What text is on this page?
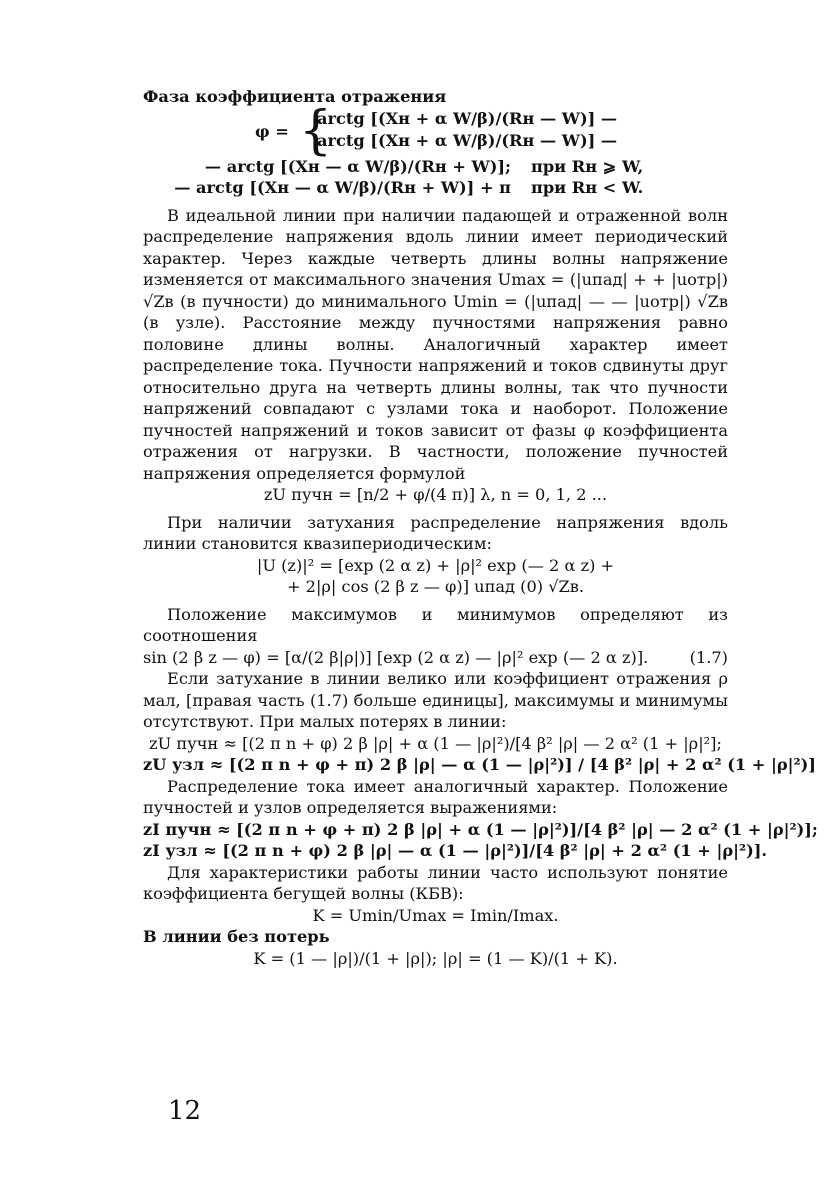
Фаза коэффициента отражения

φ = {
arctg [(Xн + α W/β)/(Rн — W)] —
arctg [(Xн + α W/β)/(Rн — W)] —

— arctg [(Xн — α W/β)/(Rн + W)];	при Rн ⩾ W,

— arctg [(Xн — α W/β)/(Rн + W)] + π	при Rн < W.

В идеальной линии при наличии падающей и отраженной волн распределение напряжения вдоль линии имеет периодический характер. Через каждые четверть длины волны напряжение изменяется от максимального значения Umax = (|uпад| + + |uотр|) √Zв (в пучности) до минимального Umin = (|uпад| — — |uотр|) √Zв (в узле). Расстояние между пучностями напряжения равно половине длины волны. Аналогичный характер имеет распределение тока. Пучности напряжений и токов сдвинуты друг относительно друга на четверть длины волны, так что пучности напряжений совпадают с узлами тока и наоборот. Положение пучностей напряжений и токов зависит от фазы φ коэффициента отражения от нагрузки. В частности, положение пучностей напряжения определяется формулой

zU пучн = [n/2 + φ/(4 π)] λ, n = 0, 1, 2 ...

При наличии затухания распределение напряжения вдоль линии становится квазипериодическим:

|U (z)|² = [exp (2 α z) + |ρ|² exp (— 2 α z) +

+ 2|ρ| cos (2 β z — φ)] uпад (0) √Zв.

Положение максимумов и минимумов определяют из соотношения

sin (2 β z — φ) = [α/(2 β|ρ|)] [exp (2 α z) — |ρ|² exp (— 2 α z)].	(1.7)

Если затухание в линии велико или коэффициент отражения ρ мал, [правая часть (1.7) больше единицы], максимумы и минимумы отсутствуют. При малых потерях в линии:

zU пучн ≈ [(2 π n + φ) 2 β |ρ| + α (1 — |ρ|²)/[4 β² |ρ| — 2 α² (1 + |ρ|²];

zU узл ≈ [(2 π n + φ + π) 2 β |ρ| — α (1 — |ρ|²)] / [4 β² |ρ| + 2 α² (1 + |ρ|²)]

Распределение тока имеет аналогичный характер. Положение пучностей и узлов определяется выражениями:

zI пучн ≈ [(2 π n + φ + π) 2 β |ρ| + α (1 — |ρ|²)]/[4 β² |ρ| — 2 α² (1 + |ρ|²)];

zI узл ≈ [(2 π n + φ) 2 β |ρ| — α (1 — |ρ|²)]/[4 β² |ρ| + 2 α² (1 + |ρ|²)].

Для характеристики работы линии часто используют понятие коэффициента бегущей волны (КБВ):

K = Umin/Umax = Imin/Imax.

В линии без потерь

K = (1 — |ρ|)/(1 + |ρ|); |ρ| = (1 — K)/(1 + K).

12
